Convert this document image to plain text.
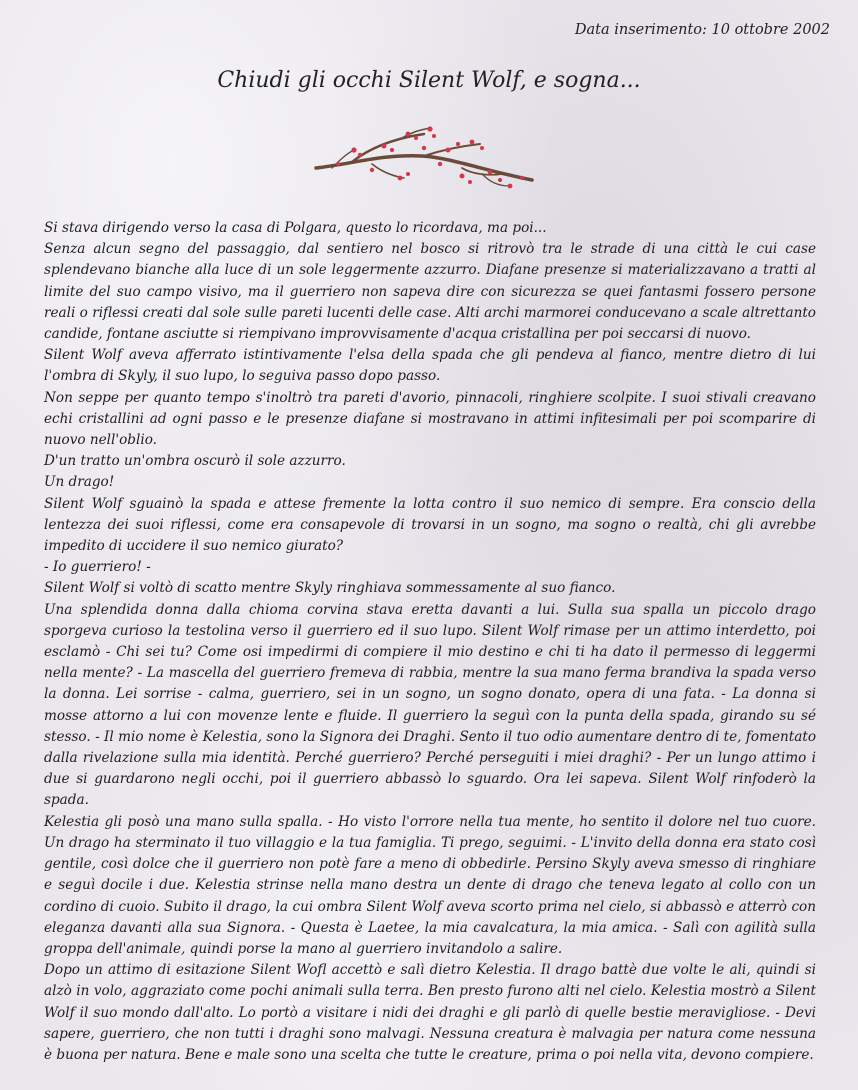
Data inserimento: 10 ottobre 2002
Chiudi gli occhi Silent Wolf, e sogna...

Si stava dirigendo verso la casa di Polgara, questo lo ricordava, ma poi...

Senza alcun segno del passaggio, dal sentiero nel bosco si ritrovò tra le strade di una città le cui case splendevano bianche alla luce di un sole leggermente azzurro. Diafane presenze si materializzavano a tratti al limite del suo campo visivo, ma il guerriero non sapeva dire con sicurezza se quei fantasmi fossero persone reali o riflessi creati dal sole sulle pareti lucenti delle case. Alti archi marmorei conducevano a scale altrettanto candide, fontane asciutte si riempivano improvvisamente d'acqua cristallina per poi seccarsi di nuovo.

Silent Wolf aveva afferrato istintivamente l'elsa della spada che gli pendeva al fianco, mentre dietro di lui l'ombra di Skyly, il suo lupo, lo seguiva passo dopo passo.

Non seppe per quanto tempo s'inoltrò tra pareti d'avorio, pinnacoli, ringhiere scolpite. I suoi stivali creavano echi cristallini ad ogni passo e le presenze diafane si mostravano in attimi infitesimali per poi scomparire di nuovo nell'oblio.

D'un tratto un'ombra oscurò il sole azzurro.

Un drago!

Silent Wolf sguainò la spada e attese fremente la lotta contro il suo nemico di sempre. Era conscio della lentezza dei suoi riflessi, come era consapevole di trovarsi in un sogno, ma sogno o realtà, chi gli avrebbe impedito di uccidere il suo nemico giurato?

- Io guerriero! -

Silent Wolf si voltò di scatto mentre Skyly ringhiava sommessamente al suo fianco.

Una splendida donna dalla chioma corvina stava eretta davanti a lui. Sulla sua spalla un piccolo drago sporgeva curioso la testolina verso il guerriero ed il suo lupo. Silent Wolf rimase per un attimo interdetto, poi esclamò - Chi sei tu? Come osi impedirmi di compiere il mio destino e chi ti ha dato il permesso di leggermi nella mente? - La mascella del guerriero fremeva di rabbia, mentre la sua mano ferma brandiva la spada verso la donna. Lei sorrise - calma, guerriero, sei in un sogno, un sogno donato, opera di una fata. - La donna si mosse attorno a lui con movenze lente e fluide. Il guerriero la seguì con la punta della spada, girando su sé stesso. - Il mio nome è Kelestia, sono la Signora dei Draghi. Sento il tuo odio aumentare dentro di te, fomentato dalla rivelazione sulla mia identità. Perché guerriero? Perché perseguiti i miei draghi? - Per un lungo attimo i due si guardarono negli occhi, poi il guerriero abbassò lo sguardo. Ora lei sapeva. Silent Wolf rinfoderò la spada.

Kelestia gli posò una mano sulla spalla. - Ho visto l'orrore nella tua mente, ho sentito il dolore nel tuo cuore. Un drago ha sterminato il tuo villaggio e la tua famiglia. Ti prego, seguimi. - L'invito della donna era stato così gentile, così dolce che il guerriero non potè fare a meno di obbedirle. Persino Skyly aveva smesso di ringhiare e seguì docile i due. Kelestia strinse nella mano destra un dente di drago che teneva legato al collo con un cordino di cuoio. Subito il drago, la cui ombra Silent Wolf aveva scorto prima nel cielo, si abbassò e atterrò con eleganza davanti alla sua Signora. - Questa è Laetee, la mia cavalcatura, la mia amica. - Salì con agilità sulla groppa dell'animale, quindi porse la mano al guerriero invitandolo a salire.

Dopo un attimo di esitazione Silent Wofl accettò e salì dietro Kelestia. Il drago battè due volte le ali, quindi si alzò in volo, aggraziato come pochi animali sulla terra. Ben presto furono alti nel cielo. Kelestia mostrò a Silent Wolf il suo mondo dall'alto. Lo portò a visitare i nidi dei draghi e gli parlò di quelle bestie meravigliose. - Devi sapere, guerriero, che non tutti i draghi sono malvagi. Nessuna creatura è malvagia per natura come nessuna è buona per natura. Bene e male sono una scelta che tutte le creature, prima o poi nella vita, devono compiere.
